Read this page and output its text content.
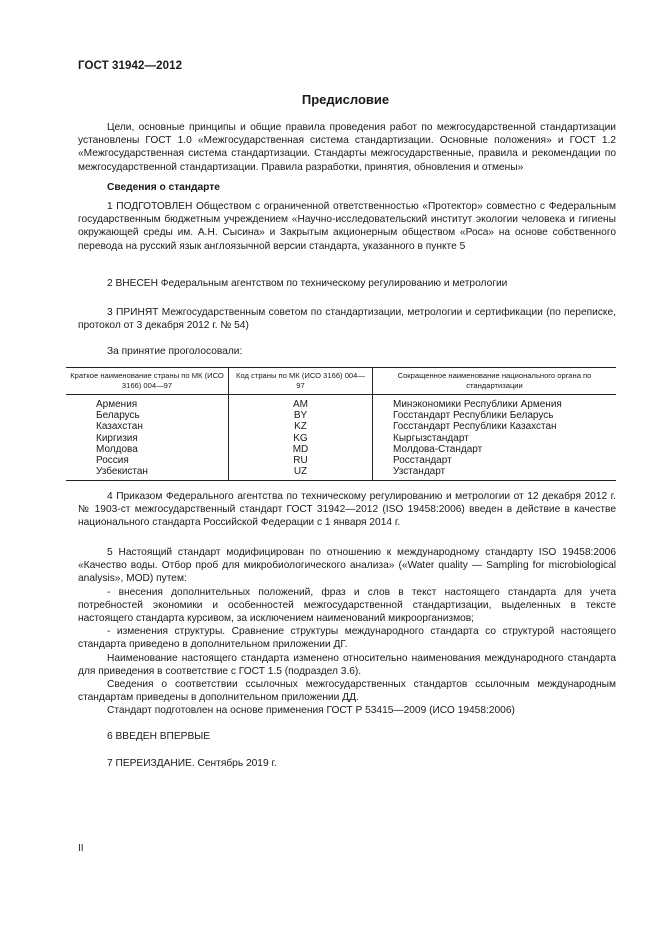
ГОСТ 31942—2012
Предисловие

Цели, основные принципы и общие правила проведения работ по межгосударственной стандартизации установлены ГОСТ 1.0 «Межгосударственная система стандартизации. Основные положения» и ГОСТ 1.2 «Межгосударственная система стандартизации. Стандарты межгосударственные, правила и рекомендации по межгосударственной стандартизации. Правила разработки, принятия, обновления и отмены»

Сведения о стандарте

1 ПОДГОТОВЛЕН Обществом с ограниченной ответственностью «Протектор» совместно с Федеральным государственным бюджетным учреждением «Научно-исследовательский институт экологии человека и гигиены окружающей среды им. А.Н. Сысина» и Закрытым акционерным обществом «Роса» на основе собственного перевода на русский язык англоязычной версии стандарта, указанного в пункте 5

2 ВНЕСЕН Федеральным агентством по техническому регулированию и метрологии

3 ПРИНЯТ Межгосударственным советом по стандартизации, метрологии и сертификации (по переписке, протокол от 3 декабря 2012 г. № 54)

За принятие проголосовали:

Краткое наименование страны по МК (ИСО 3166) 004—97	Код страны по МК (ИСО 3166) 004—97	Сокращенное наименование национального органа по стандартизации
Армения	AM	Минэкономики Республики Армения
Беларусь	BY	Госстандарт Республики Беларусь
Казахстан	KZ	Госстандарт Республики Казахстан
Киргизия	KG	Кыргызстандарт
Молдова	MD	Молдова-Стандарт
Россия	RU	Росстандарт
Узбекистан	UZ	Узстандарт

4 Приказом Федерального агентства по техническому регулированию и метрологии от 12 декабря 2012 г. № 1903-ст межгосударственный стандарт ГОСТ 31942—2012 (ISO 19458:2006) введен в действие в качестве национального стандарта Российской Федерации с 1 января 2014 г.

5 Настоящий стандарт модифицирован по отношению к международному стандарту ISO 19458:2006 «Качество воды. Отбор проб для микробиологического анализа» («Water quality — Sampling for microbiological analysis», MOD) путем:

- внесения дополнительных положений, фраз и слов в текст настоящего стандарта для учета потребностей экономики и особенностей межгосударственной стандартизации, выделенных в тексте настоящего стандарта курсивом, за исключением наименований микроорганизмов;

- изменения структуры. Сравнение структуры международного стандарта со структурой настоящего стандарта приведено в дополнительном приложении ДГ.

Наименование настоящего стандарта изменено относительно наименования международного стандарта для приведения в соответствие с ГОСТ 1.5 (подраздел 3.6).

Сведения о соответствии ссылочных межгосударственных стандартов ссылочным международным стандартам приведены в дополнительном приложении ДД.

Стандарт подготовлен на основе применения ГОСТ Р 53415—2009 (ИСО 19458:2006)

6 ВВЕДЕН ВПЕРВЫЕ

7 ПЕРЕИЗДАНИЕ. Сентябрь 2019 г.

II
